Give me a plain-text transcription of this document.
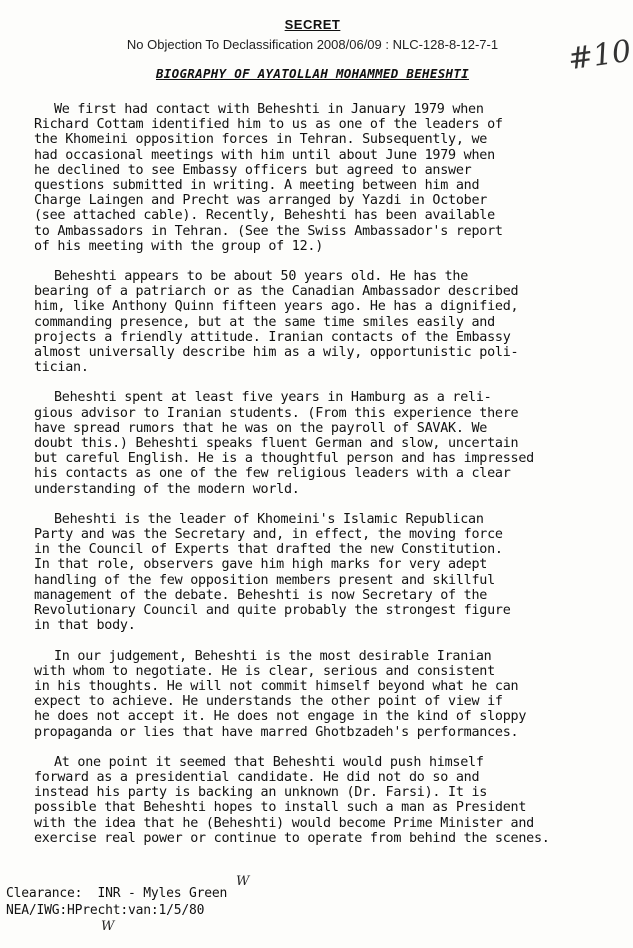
SECRET
No Objection To Declassification 2008/06/09 : NLC-128-8-12-7-1	#10
BIOGRAPHY OF AYATOLLAH MOHAMMED BEHESHTI

We first had contact with Beheshti in January 1979 when
Richard Cottam identified him to us as one of the leaders of
the Khomeini opposition forces in Tehran. Subsequently, we
had occasional meetings with him until about June 1979 when
he declined to see Embassy officers but agreed to answer
questions submitted in writing. A meeting between him and
Charge Laingen and Precht was arranged by Yazdi in October
(see attached cable). Recently, Beheshti has been available
to Ambassadors in Tehran. (See the Swiss Ambassador's report
of his meeting with the group of 12.)

Beheshti appears to be about 50 years old. He has the
bearing of a patriarch or as the Canadian Ambassador described
him, like Anthony Quinn fifteen years ago. He has a dignified,
commanding presence, but at the same time smiles easily and
projects a friendly attitude. Iranian contacts of the Embassy
almost universally describe him as a wily, opportunistic poli-
tician.

Beheshti spent at least five years in Hamburg as a reli-
gious advisor to Iranian students. (From this experience there
have spread rumors that he was on the payroll of SAVAK. We
doubt this.) Beheshti speaks fluent German and slow, uncertain
but careful English. He is a thoughtful person and has impressed
his contacts as one of the few religious leaders with a clear
understanding of the modern world.

Beheshti is the leader of Khomeini's Islamic Republican
Party and was the Secretary and, in effect, the moving force
in the Council of Experts that drafted the new Constitution.
In that role, observers gave him high marks for very adept
handling of the few opposition members present and skillful
management of the debate. Beheshti is now Secretary of the
Revolutionary Council and quite probably the strongest figure
in that body.

In our judgement, Beheshti is the most desirable Iranian
with whom to negotiate. He is clear, serious and consistent
in his thoughts. He will not commit himself beyond what he can
expect to achieve. He understands the other point of view if
he does not accept it. He does not engage in the kind of sloppy
propaganda or lies that have marred Ghotbzadeh's performances.

At one point it seemed that Beheshti would push himself
forward as a presidential candidate. He did not do so and
instead his party is backing an unknown (Dr. Farsi). It is
possible that Beheshti hopes to install such a man as President
with the idea that he (Beheshti) would become Prime Minister and
exercise real power or continue to operate from behind the scenes.

W
Clearance:  INR - Myles Green
NEA/IWG:HPrecht:van:1/5/80
W
